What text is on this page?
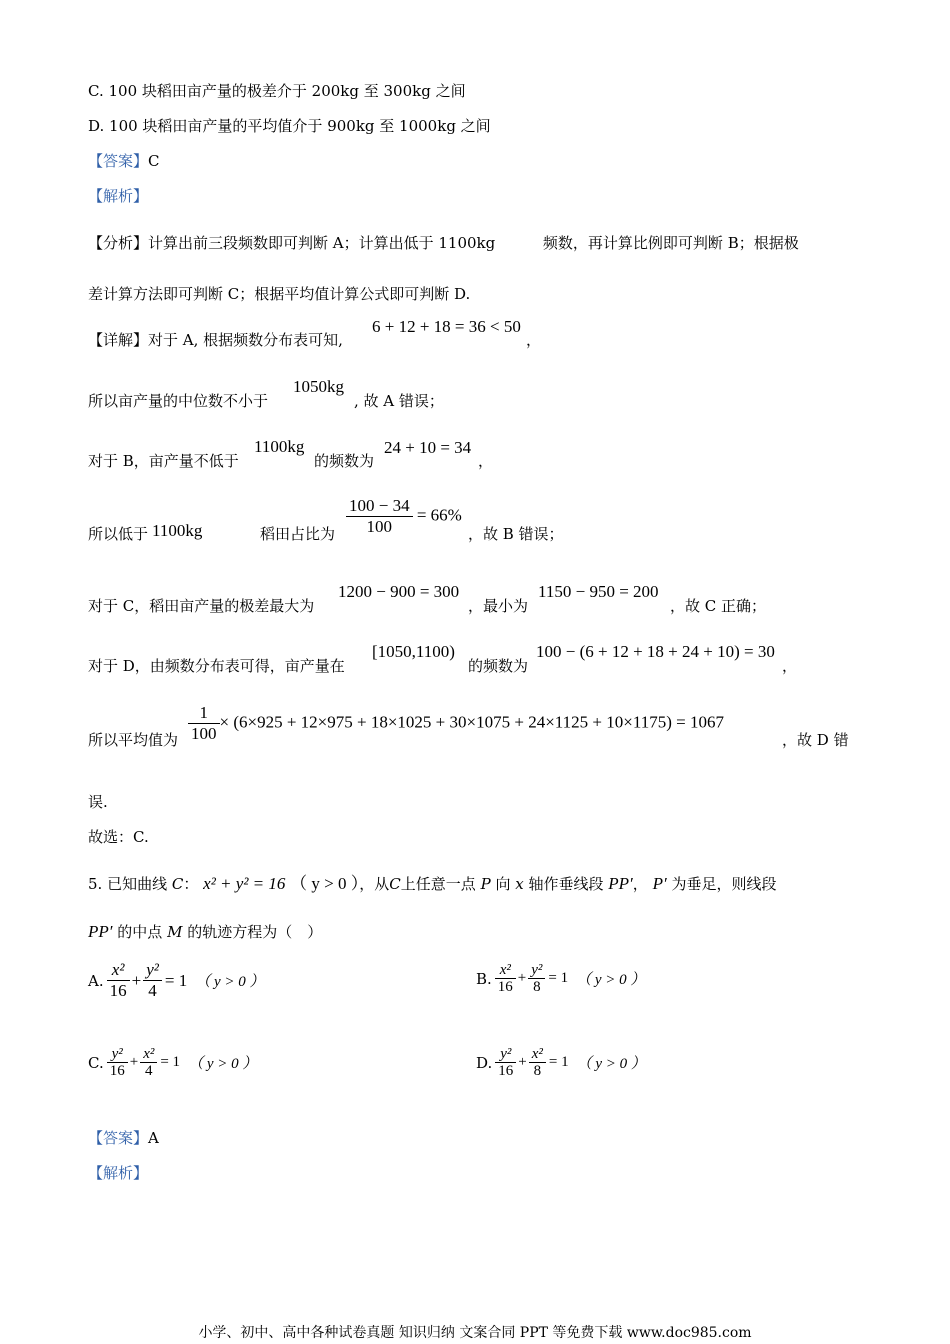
C. 100 块稻田亩产量的极差介于 200kg 至 300kg 之间
D. 100 块稻田亩产量的平均值介于 900kg 至 1000kg 之间
【答案】C
【解析】
【分析】计算出前三段频数即可判断 A；计算出低于 1100kg          频数，再计算比例即可判断 B；根据极
差计算方法即可判断 C；根据平均值计算公式即可判断 D.
【详解】对于 A, 根据频数分布表可知,
6 + 12 + 18 = 36 < 50
，
所以亩产量的中位数不小于
1050kg
, 故 A 错误；
对于 B，亩产量不低于
1100kg
的频数为
24 + 10 = 34
，
所以低于 1100kg	稻田占比为 $\frac{100 - 34}{100} = 66\%$
，故 B 错误；
对于 C，稻田亩产量的极差最大为
1200 − 900 = 300
，最小为
1150 − 950 = 200
，故 C 正确；
对于 D，由频数分布表可得，亩产量在
[1050,1100)
的频数为
100 − (6 + 12 + 18 + 24 + 10) = 30
，
所以平均值为 $\frac{1}{100} \times (6\times 925 + 12\times 975 + 18\times 1025 + 30\times 1075 + 24\times 1125 + 10\times 1175) = 1067$
，故 D 错
误.
故选：C.
5. 已知曲线 C： x² + y² = 16 （ y > 0 ），从C上任意一点 P 向 x 轴作垂线段 PP′， P′ 为垂足，则线段
PP′ 的中点 M 的轨迹方程为（　）
A. $\frac{\text{x²}}{16} + \frac{\text{y²}}{4} = 1$ （ y > 0 ）	B. $\frac{\text{x²}}{16} + \frac{\text{y²}}{8} = 1$ （ y > 0 ）
C. $\frac{\text{y²}}{16} + \frac{\text{x²}}{4} = 1$ （ y > 0 ）	D. $\frac{\text{y²}}{16} + \frac{\text{x²}}{8} = 1$ （ y > 0 ）
【答案】A
【解析】
小学、初中、高中各种试卷真题 知识归纳 文案合同 PPT 等免费下载 www.doc985.com
